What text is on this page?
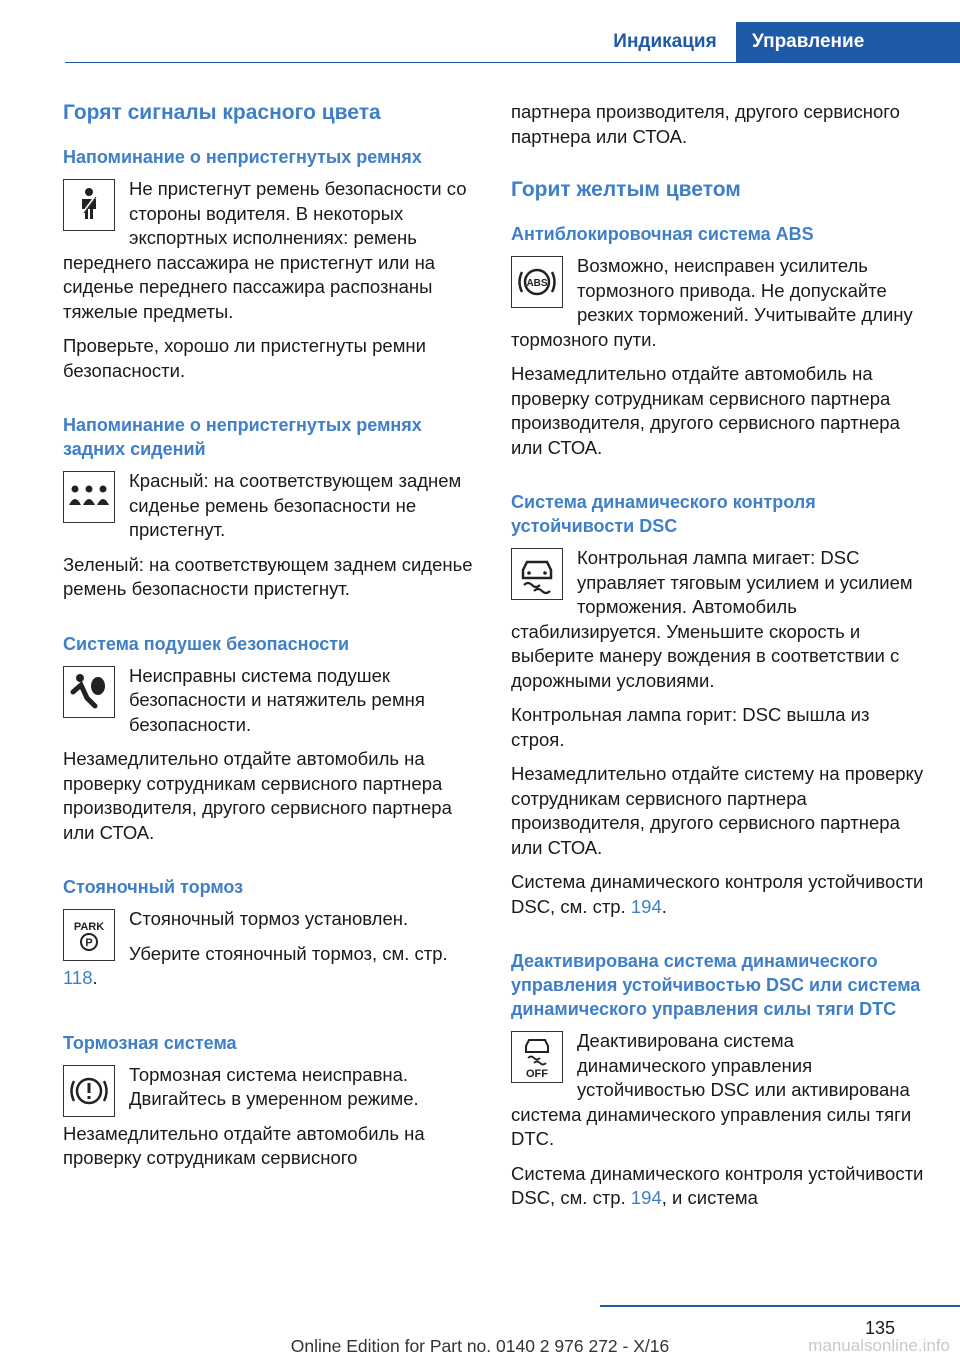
Индикация	Управление
Горят сигналы красного цвета
Напоминание о непристегнутых ремнях

Не пристегнут ремень безопасности со стороны водителя. В некоторых экспортных исполнениях: ремень переднего пассажира не пристегнут или на сиденье переднего пассажира распознаны тяжелые предметы.

Проверьте, хорошо ли пристегнуты ремни безопасности.

Напоминание о непристегнутых ремнях задних сидений

Красный: на соответствующем заднем сиденье ремень безопасности не пристегнут.

Зеленый: на соответствующем заднем сиденье ремень безопасности пристегнут.

Система подушек безопасности

Неисправны система подушек безопасности и натяжитель ремня безопасности.

Незамедлительно отдайте автомобиль на проверку сотрудникам сервисного партнера производителя, другого сервисного партнера или СТОА.

Стояночный тормоз
PARK
P

Стояночный тормоз установлен.

Уберите стояночный тормоз, см. стр. 118.

Тормозная система

Тормозная система неисправна. Двигайтесь в умеренном режиме.

Незамедлительно отдайте автомобиль на проверку сотрудникам сервисного

партнера производителя, другого сервисного партнера или СТОА.

Горит желтым цветом
Антиблокировочная система ABS
ABS

Возможно, неисправен усилитель тормозного привода. Не допускайте резких торможений. Учитывайте длину тормозного пути.

Незамедлительно отдайте автомобиль на проверку сотрудникам сервисного партнера производителя, другого сервисного партнера или СТОА.

Система динамического контроля устойчивости DSC

Контрольная лампа мигает: DSC управляет тяговым усилием и усилием торможения. Автомобиль стабилизируется. Уменьшите скорость и выберите манеру вождения в соответствии с дорожными условиями.

Контрольная лампа горит: DSC вышла из строя.

Незамедлительно отдайте систему на проверку сотрудникам сервисного партнера производителя, другого сервисного партнера или СТОА.

Система динамического контроля устойчивости DSC, см. стр. 194.

Деактивирована система динамического управления устойчивостью DSC или система динамического управления силы тяги DTC
OFF

Деактивирована система динамического управления устойчивостью DSC или активирована система динамического управления силы тяги DTC.

Система динамического контроля устойчивости DSC, см. стр. 194, и система

135
Online Edition for Part no. 0140 2 976 272 - X/16	manualsonline.info
